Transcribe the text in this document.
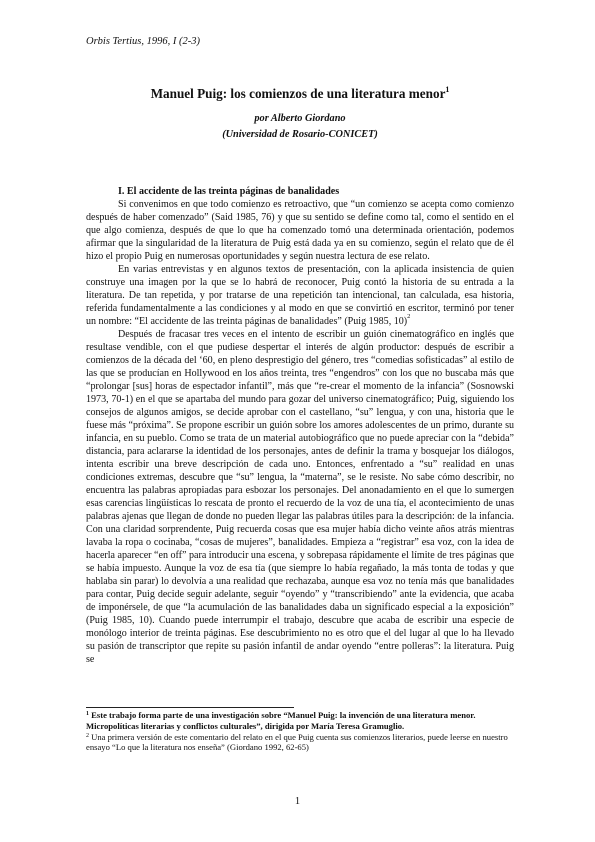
Orbis Tertius, 1996, I (2-3)
Manuel Puig: los comienzos de una literatura menor$^1$
por Alberto Giordano
(Universidad de Rosario-CONICET)
I. El accidente de las treinta páginas de banalidades

Si convenimos en que todo comienzo es retroactivo, que “un comienzo se acepta como comienzo después de haber comenzado” (Said 1985, 76) y que su sentido se define como tal, como el sentido en el que algo comienza, después de que lo que ha comenzado tomó una determinada orientación, podemos afirmar que la singularidad de la literatura de Puig está dada ya en su comienzo, según el relato que de él hizo el propio Puig en numerosas oportunidades y según nuestra lectura de ese relato.

En varias entrevistas y en algunos textos de presentación, con la aplicada insistencia de quien construye una imagen por la que se lo habrá de reconocer, Puig contó la historia de su entrada a la literatura. De tan repetida, y por tratarse de una repetición tan intencional, tan calculada, esa historia, referida fundamentalmente a las condiciones y al modo en que se convirtió en escritor, terminó por tener un nombre: “El accidente de las treinta páginas de banalidades” (Puig 1985, 10)$^2$

Después de fracasar tres veces en el intento de escribir un guión cinematográfico en inglés que resultase vendible, con el que pudiese despertar el interés de algún productor: después de escribir a comienzos de la década del ‘60, en pleno desprestigio del género, tres “comedias sofisticadas” al estilo de las que se producían en Hollywood en los años treinta, tres “engendros” con los que no buscaba más que “prolongar [sus] horas de espectador infantil”, más que “re-crear el momento de la infancia” (Sosnowski 1973, 70-1) en el que se apartaba del mundo para gozar del universo cinematográfico; Puig, siguiendo los consejos de algunos amigos, se decide aprobar con el castellano, “su” lengua, y con una, historia que le fuese más “próxima”. Se propone escribir un guión sobre los amores adolescentes de un primo, durante su infancia, en su pueblo. Como se trata de un material autobiográfico que no puede apreciar con la “debida” distancia, para aclararse la identidad de los personajes, antes de definir la trama y bosquejar los diálogos, intenta escribir una breve descripción de cada uno. Entonces, enfrentado a “su” realidad en unas condiciones extremas, descubre que “su” lengua, la “materna”, se le resiste. No sabe cómo describir, no encuentra las palabras apropiadas para esbozar los personajes. Del anonadamiento en el que lo sumergen esas carencias lingüísticas lo rescata de pronto el recuerdo de la voz de una tía, el acontecimiento de unas palabras ajenas que llegan de donde no pueden llegar las palabras útiles para la descripción: de la infancia. Con una claridad sorprendente, Puig recuerda cosas que esa mujer había dicho veinte años atrás mientras lavaba la ropa o cocinaba, “cosas de mujeres”, banalidades. Empieza a “registrar” esa voz, con la idea de hacerla aparecer “en off” para introducir una escena, y sobrepasa rápidamente el límite de tres páginas que se había impuesto. Aunque la voz de esa tía (que siempre lo había regañado, la más tonta de todas y que hablaba sin parar) lo devolvía a una realidad que rechazaba, aunque esa voz no tenía más que banalidades para contar, Puig decide seguir adelante, seguir “oyendo” y “transcribiendo” ante la evidencia, que acaba de imponérsele, de que “la acumulación de las banalidades daba un significado especial a la exposición” (Puig 1985, 10). Cuando puede interrumpir el trabajo, descubre que acaba de escribir una especie de monólogo interior de treinta páginas. Ese descubrimiento no es otro que el del lugar al que lo ha llevado su pasión de transcriptor que repite su pasión infantil de andar oyendo “entre polleras”: la literatura. Puig se

$^1$ Este trabajo forma parte de una investigación sobre “Manuel Puig: la invención de una literatura menor. Micropolíticas literarias y conflictos culturales”, dirigida por María Teresa Gramuglio.

$^2$ Una primera versión de este comentario del relato en el que Puig cuenta sus comienzos literarios, puede leerse en nuestro ensayo “Lo que la literatura nos enseña” (Giordano 1992, 62-65)

1
